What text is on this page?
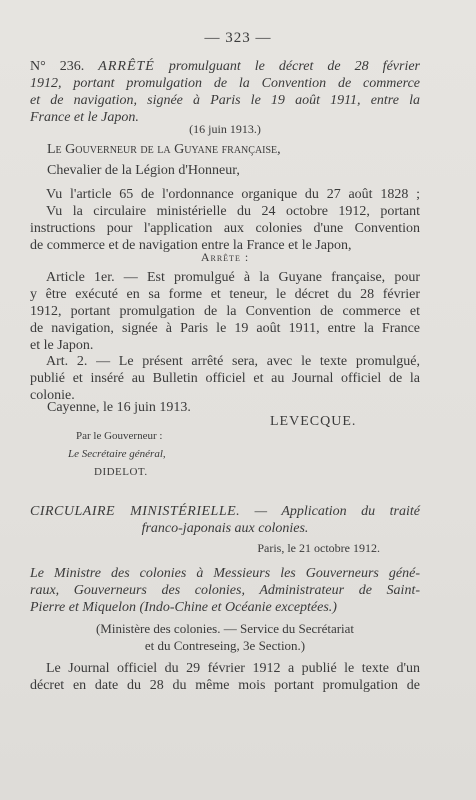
— 323 —

N° 236. ARRÊTÉ promulguant le décret de 28 février

1912, portant promulgation de la Convention de commerce

et de navigation, signée à Paris le 19 août 1911, entre la

France et le Japon.

(16 juin 1913.)

Le Gouverneur de la Guyane française,

Chevalier de la Légion d'Honneur,

Vu l'article 65 de l'ordonnance organique du 27 août 1828 ;

Vu la circulaire ministérielle du 24 octobre 1912, portant

instructions pour l'application aux colonies d'une Convention

de commerce et de navigation entre la France et le Japon,

Arrête :

Article 1er. — Est promulgué à la Guyane française, pour

y être exécuté en sa forme et teneur, le décret du 28 février

1912, portant promulgation de la Convention de commerce et

de navigation, signée à Paris le 19 août 1911, entre la France

et le Japon.

Art. 2. — Le présent arrêté sera, avec le texte promulgué,

publié et inséré au Bulletin officiel et au Journal officiel de la

colonie.

Cayenne, le 16 juin 1913.
LEVECQUE.
Par le Gouverneur :
Le Secrétaire général,
DIDELOT.

CIRCULAIRE MINISTÉRIELLE. — Application du traité

franco-japonais aux colonies.

Paris, le 21 octobre 1912.

Le Ministre des colonies à Messieurs les Gouverneurs géné-

raux, Gouverneurs des colonies, Administrateur de Saint-

Pierre et Miquelon (Indo-Chine et Océanie exceptées.)

(Ministère des colonies. — Service du Secrétariat

et du Contreseing, 3e Section.)

Le Journal officiel du 29 février 1912 a publié le texte d'un

décret en date du 28 du même mois portant promulgation de
